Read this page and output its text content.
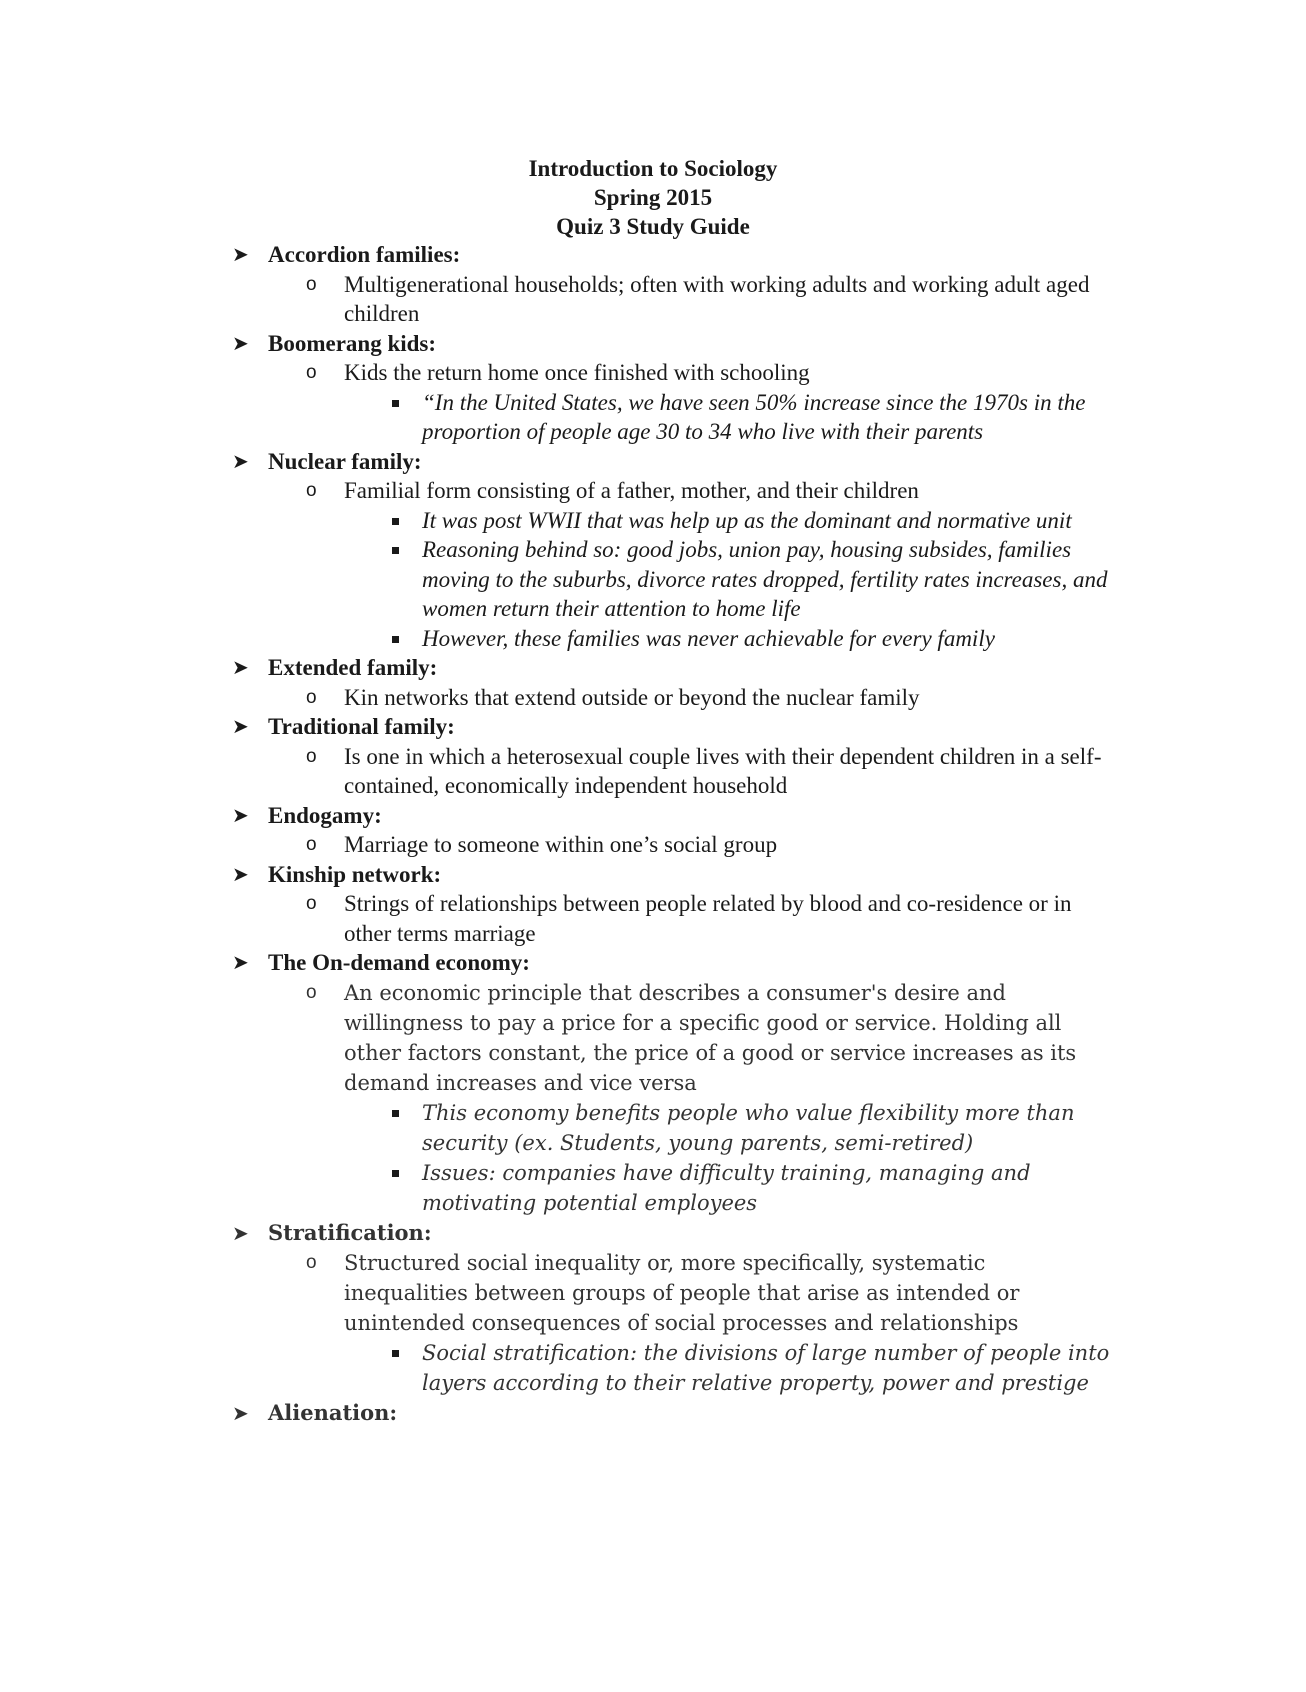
Introduction to Sociology
Spring 2015
Quiz 3 Study Guide
➤ Accordion families:
o Multigenerational households; often with working adults and working adult aged children
➤ Boomerang kids:
o Kids the return home once finished with schooling
“In the United States, we have seen 50% increase since the 1970s in the proportion of people age 30 to 34 who live with their parents
➤ Nuclear family:
o Familial form consisting of a father, mother, and their children
It was post WWII that was help up as the dominant and normative unit
Reasoning behind so: good jobs, union pay, housing subsides, families moving to the suburbs, divorce rates dropped, fertility rates increases, and women return their attention to home life
However, these families was never achievable for every family
➤ Extended family:
o Kin networks that extend outside or beyond the nuclear family
➤ Traditional family:
o Is one in which a heterosexual couple lives with their dependent children in a self-contained, economically independent household
➤ Endogamy:
o Marriage to someone within one’s social group
➤ Kinship network:
o Strings of relationships between people related by blood and co-residence or in other terms marriage
➤ The On-demand economy:
o An economic principle that describes a consumer's desire and willingness to pay a price for a specific good or service. Holding all other factors constant, the price of a good or service increases as its demand increases and vice versa
This economy benefits people who value flexibility more than security (ex. Students, young parents, semi-retired)
Issues: companies have difficulty training, managing and motivating potential employees
➤ Stratification:
o Structured social inequality or, more specifically, systematic inequalities between groups of people that arise as intended or unintended consequences of social processes and relationships
Social stratification: the divisions of large number of people into layers according to their relative property, power and prestige
➤ Alienation:
